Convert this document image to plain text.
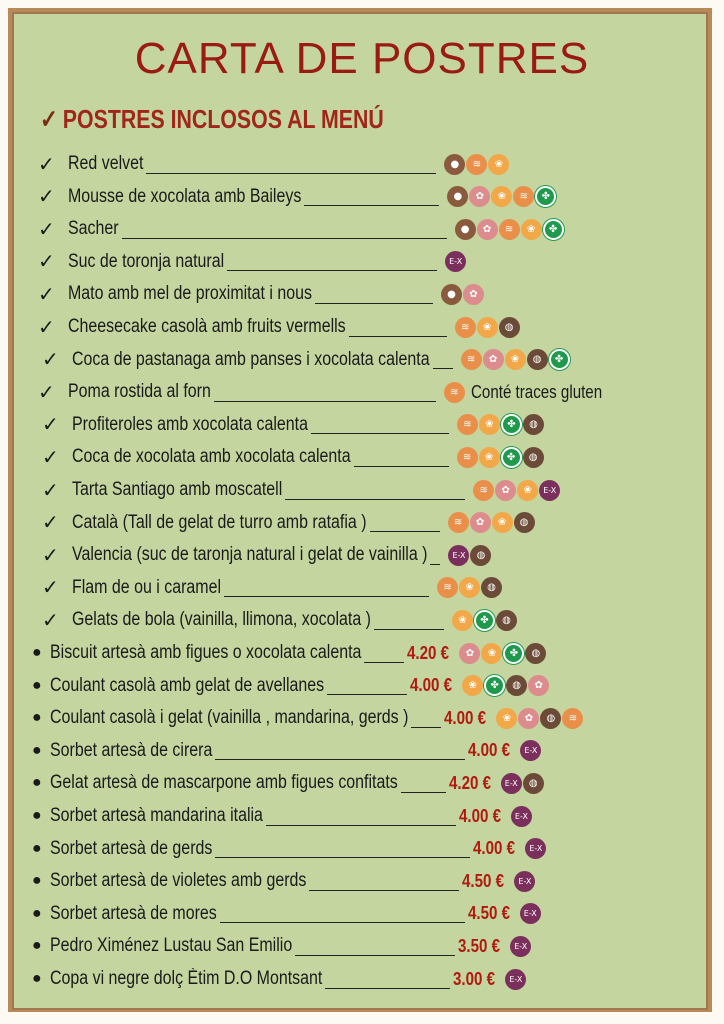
CARTA DE POSTRES
✓ POSTRES INCLOSOS AL MENÚ
✓ Red velvet	● ≋ ❀
✓ Mousse de xocolata amb Baileys	● ✿ ❀ ≋ ✤
✓ Sacher	● ✿ ≋ ❀ ✤
✓ Suc de toronja natural	E-X
✓ Mato amb mel de proximitat i nous	● ✿
✓ Cheesecake casolà amb fruits vermells	≋ ❀ ◍
✓ Coca de pastanaga amb panses i xocolata calenta	≋ ✿ ❀ ◍ ✤
✓ Poma rostida al forn	≋ Conté traces gluten
✓ Profiteroles amb xocolata calenta	≋ ❀ ✤ ◍
✓ Coca de xocolata amb xocolata calenta	≋ ❀ ✤ ◍
✓ Tarta Santiago amb moscatell	≋ ✿ ❀ E-X
✓ Català (Tall de gelat de turro amb ratafia )	≋ ✿ ❀ ◍
✓ Valencia (suc de taronja natural i gelat de vainilla )	E-X ◍
✓ Flam de ou i caramel	≋ ❀ ◍
✓ Gelats de bola (vainilla, llimona, xocolata )	❀ ✤ ◍
● Biscuit artesà amb figues o xocolata calenta	4.20 € ✿ ❀ ✤ ◍
● Coulant casolà amb gelat de avellanes	4.00 € ❀ ✤ ◍ ✿
● Coulant casolà i gelat (vainilla , mandarina, gerds ) 4.00 € ❀ ✿ ◍ ≋
● Sorbet artesà de cirera	4.00 € E-X
● Gelat artesà de mascarpone amb figues confitats	4.20 € E-X ◍
● Sorbet artesà mandarina italia	4.00 € E-X
● Sorbet artesà de gerds	4.00 € E-X
● Sorbet artesà de violetes amb gerds	4.50 € E-X
● Sorbet artesà de mores	4.50 € E-X
● Pedro Ximénez Lustau San Emilio	3.50 € E-X
● Copa vi negre dolç Ètim D.O Montsant	3.00 € E-X
